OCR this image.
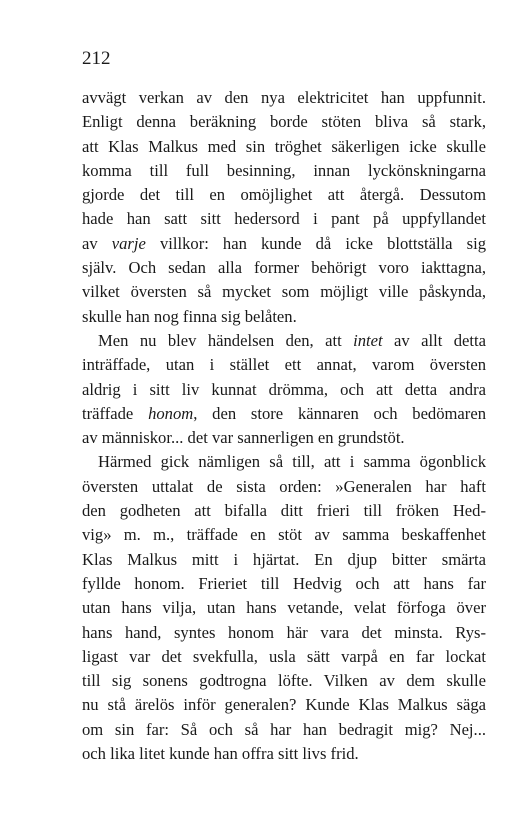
212
avvägt verkan av den nya elektricitet han uppfunnit.
Enligt denna beräkning borde stöten bliva så stark,
att Klas Malkus med sin tröghet säkerligen icke skulle
komma till full besinning, innan lyckönskningarna
gjorde det till en omöjlighet att återgå. Dessutom
hade han satt sitt hedersord i pant på uppfyllandet
av varje villkor: han kunde då icke blottställa sig
själv. Och sedan alla former behörigt voro iakttagna,
vilket översten så mycket som möjligt ville påskynda,
skulle han nog finna sig belåten.
Men nu blev händelsen den, att intet av allt detta
inträffade, utan i stället ett annat, varom översten
aldrig i sitt liv kunnat drömma, och att detta andra
träffade honom, den store kännaren och bedömaren
av människor... det var sannerligen en grundstöt.
Härmed gick nämligen så till, att i samma ögonblick
översten uttalat de sista orden: »Generalen har haft
den godheten att bifalla ditt frieri till fröken Hed-
vig» m. m., träffade en stöt av samma beskaffenhet
Klas Malkus mitt i hjärtat. En djup bitter smärta
fyllde honom. Frieriet till Hedvig och att hans far
utan hans vilja, utan hans vetande, velat förfoga över
hans hand, syntes honom här vara det minsta. Rys-
ligast var det svekfulla, usla sätt varpå en far lockat
till sig sonens godtrogna löfte. Vilken av dem skulle
nu stå ärelös inför generalen? Kunde Klas Malkus säga
om sin far: Så och så har han bedragit mig? Nej...
och lika litet kunde han offra sitt livs frid.
